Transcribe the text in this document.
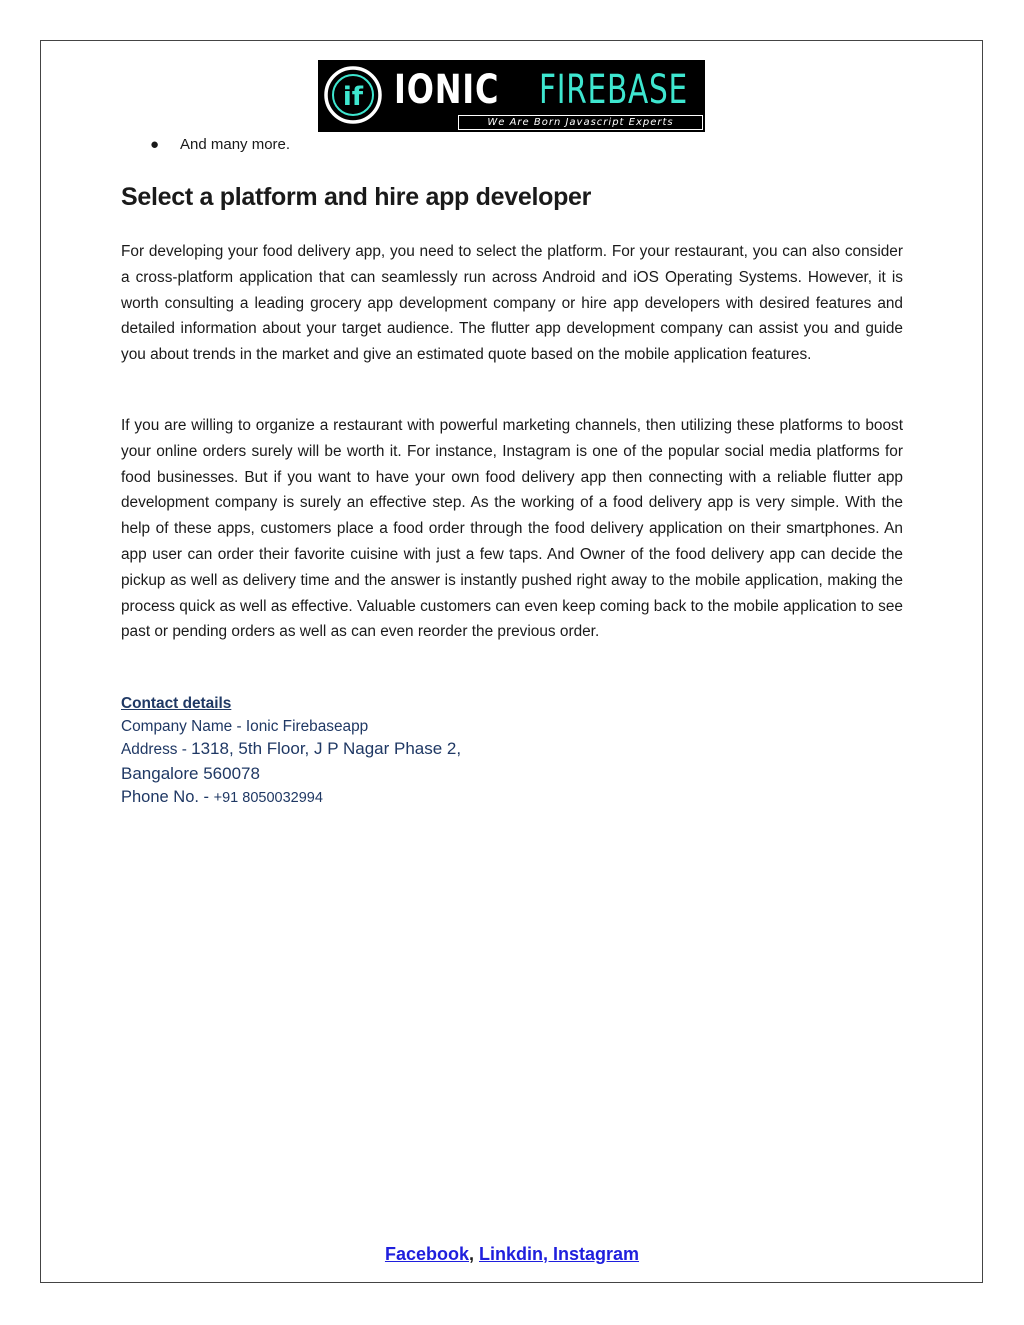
if IONIC FIREBASE
We Are Born Javascript Experts
● And many more.
Select a platform and hire app developer

For developing your food delivery app, you need to select the platform. For your restaurant, you can also consider a cross-platform application that can seamlessly run across Android and iOS Operating Systems. However, it is worth consulting a leading grocery app development company or hire app developers with desired features and detailed information about your target audience. The flutter app development company can assist you and guide you about trends in the market and give an estimated quote based on the mobile application features.

If you are willing to organize a restaurant with powerful marketing channels, then utilizing these platforms to boost your online orders surely will be worth it. For instance, Instagram is one of the popular social media platforms for food businesses. But if you want to have your own food delivery app then connecting with a reliable flutter app development company is surely an effective step. As the working of a food delivery app is very simple. With the help of these apps, customers place a food order through the food delivery application on their smartphones. An app user can order their favorite cuisine with just a few taps. And Owner of the food delivery app can decide the pickup as well as delivery time and the answer is instantly pushed right away to the mobile application, making the process quick as well as effective. Valuable customers can even keep coming back to the mobile application to see past or pending orders as well as can even reorder the previous order.

Contact details
Company Name - Ionic Firebaseapp
Address - 1318, 5th Floor, J P Nagar Phase 2,
Bangalore 560078
Phone No. - +91 8050032994
Facebook, Linkdin, Instagram
